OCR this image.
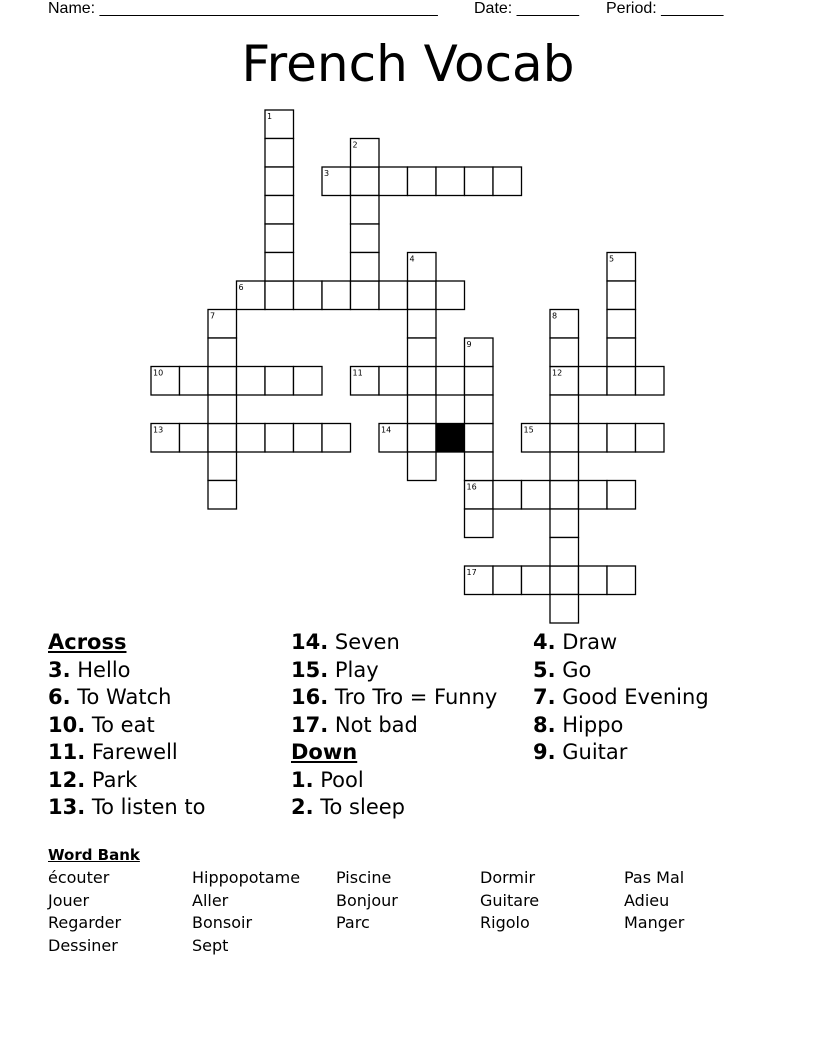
Name: ______________________________________ Date: _______ Period: _______
French Vocab
1
2
3
4	5
6
7	8
9
10	11	12
13	14	15
16
17
Across
3. Hello
6. To Watch
10. To eat
11. Farewell
12. Park
13. To listen to
14. Seven
15. Play
16. Tro Tro = Funny
17. Not bad
Down
1. Pool
2. To sleep
4. Draw
5. Go
7. Good Evening
8. Hippo
9. Guitar
Word Bank
écouter
Jouer
Regarder
Dessiner
Hippopotame
Aller
Bonsoir
Sept
Piscine
Bonjour
Parc
Dormir
Guitare
Rigolo
Pas Mal
Adieu
Manger
